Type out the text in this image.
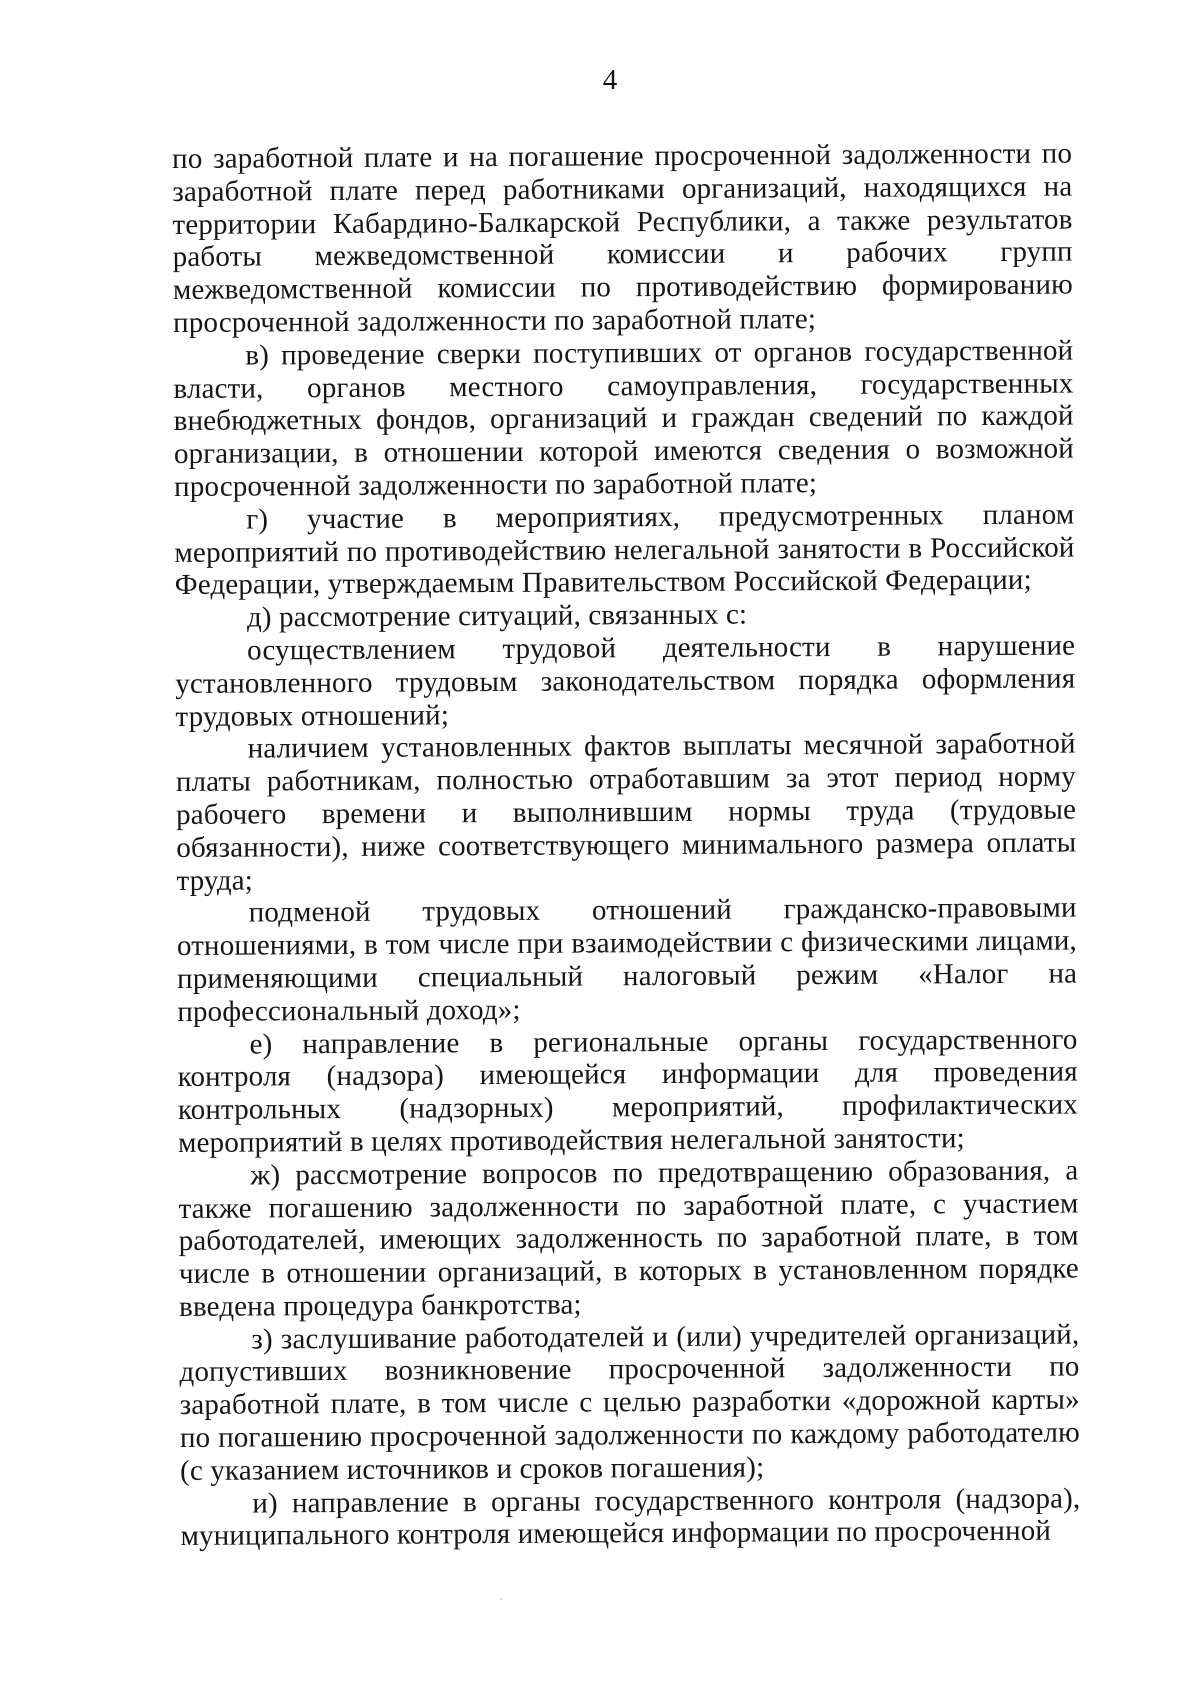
4

по заработной плате и на погашение просроченной задолженности по заработной плате перед работниками организаций, находящихся на территории Кабардино-Балкарской Республики, а также результатов работы межведомственной комиссии и рабочих групп межведомственной комиссии по противодействию формированию просроченной задолженности по заработной плате;

в) проведение сверки поступивших от органов государственной власти, органов местного самоуправления, государственных внебюджетных фондов, организаций и граждан сведений по каждой организации, в отношении которой имеются сведения о возможной просроченной задолженности по заработной плате;

г) участие в мероприятиях, предусмотренных планом мероприятий по противодействию нелегальной занятости в Российской Федерации, утверждаемым Правительством Российской Федерации;

д) рассмотрение ситуаций, связанных с:

осуществлением трудовой деятельности в нарушение установленного трудовым законодательством порядка оформления трудовых отношений;

наличием установленных фактов выплаты месячной заработной платы работникам, полностью отработавшим за этот период норму рабочего времени и выполнившим нормы труда (трудовые обязанности), ниже соответствующего минимального размера оплаты труда;

подменой трудовых отношений гражданско-правовыми отношениями, в том числе при взаимодействии с физическими лицами, применяющими специальный налоговый режим «Налог на профессиональный доход»;

е) направление в региональные органы государственного контроля (надзора) имеющейся информации для проведения контрольных (надзорных) мероприятий, профилактических мероприятий в целях противодействия нелегальной занятости;

ж) рассмотрение вопросов по предотвращению образования, а также погашению задолженности по заработной плате, с участием работодателей, имеющих задолженность по заработной плате, в том числе в отношении организаций, в которых в установленном порядке введена процедура банкротства;

з) заслушивание работодателей и (или) учредителей организаций, допустивших возникновение просроченной задолженности по заработной плате, в том числе с целью разработки «дорожной карты» по погашению просроченной задолженности по каждому работодателю (с указанием источников и сроков погашения);

и) направление в органы государственного контроля (надзора), муниципального контроля имеющейся информации по просроченной
